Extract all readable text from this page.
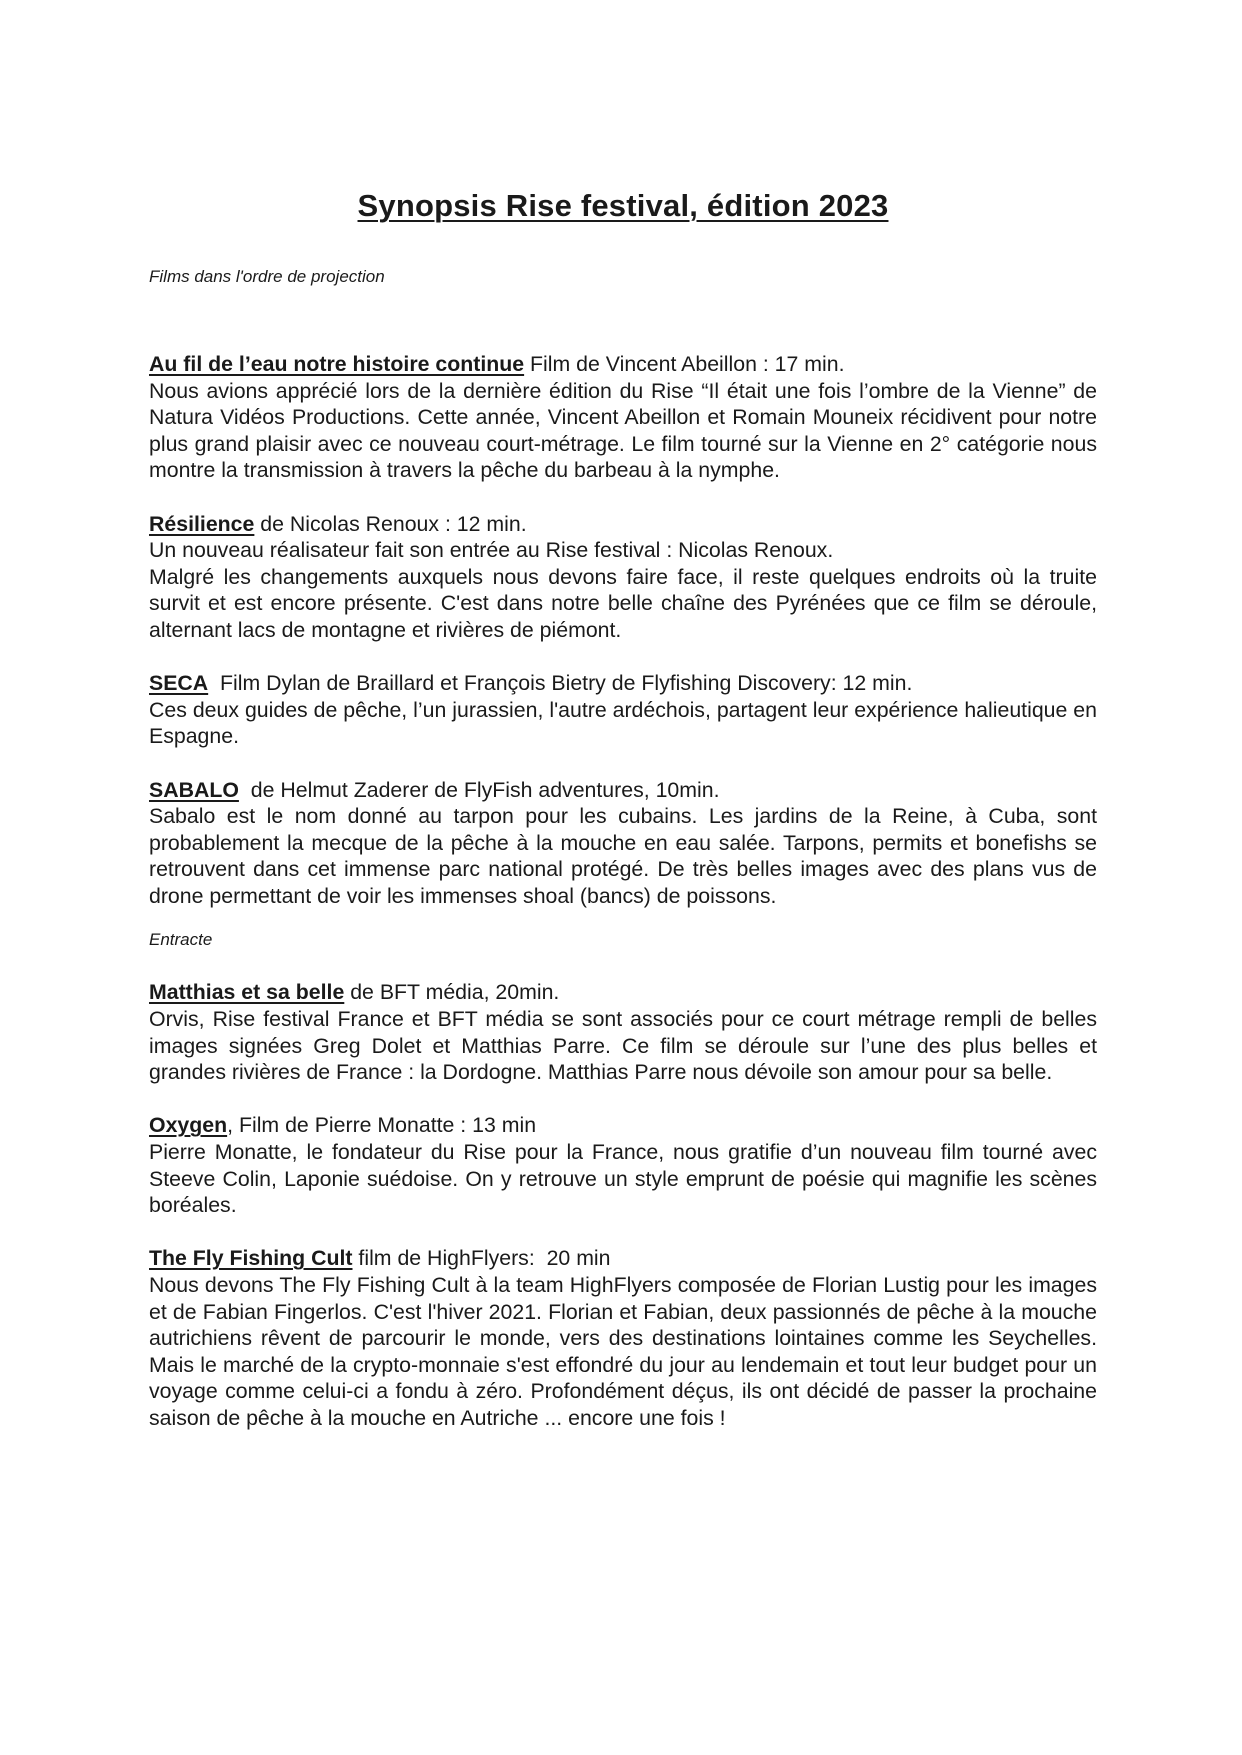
Synopsis Rise festival, édition 2023

Films dans l'ordre de projection

Au fil de l’eau notre histoire continue Film de Vincent Abeillon : 17 min.

Nous avions apprécié lors de la dernière édition du Rise “Il était une fois l’ombre de la Vienne” de Natura Vidéos Productions. Cette année, Vincent Abeillon et Romain Mouneix récidivent pour notre plus grand plaisir avec ce nouveau court-métrage. Le film tourné sur la Vienne en 2° catégorie nous montre la transmission à travers la pêche du barbeau à la nymphe.

Résilience de Nicolas Renoux : 12 min.

Un nouveau réalisateur fait son entrée au Rise festival : Nicolas Renoux.

Malgré les changements auxquels nous devons faire face, il reste quelques endroits où la truite survit et est encore présente. C'est dans notre belle chaîne des Pyrénées que ce film se déroule, alternant lacs de montagne et rivières de piémont.

SECA  Film Dylan de Braillard et François Bietry de Flyfishing Discovery: 12 min.

Ces deux guides de pêche, l’un jurassien, l'autre ardéchois, partagent leur expérience halieutique en Espagne.

SABALO  de Helmut Zaderer de FlyFish adventures, 10min.

Sabalo est le nom donné au tarpon pour les cubains. Les jardins de la Reine, à Cuba, sont probablement la mecque de la pêche à la mouche en eau salée. Tarpons, permits et bonefishs se retrouvent dans cet immense parc national protégé. De très belles images avec des plans vus de drone permettant de voir les immenses shoal (bancs) de poissons.

Entracte

Matthias et sa belle de BFT média, 20min.

Orvis, Rise festival France et BFT média se sont associés pour ce court métrage rempli de belles images signées Greg Dolet et Matthias Parre. Ce film se déroule sur l’une des plus belles et grandes rivières de France : la Dordogne. Matthias Parre nous dévoile son amour pour sa belle.

Oxygen, Film de Pierre Monatte : 13 min

Pierre Monatte, le fondateur du Rise pour la France, nous gratifie d’un nouveau film tourné avec Steeve Colin, Laponie suédoise. On y retrouve un style emprunt de poésie qui magnifie les scènes boréales.

The Fly Fishing Cult film de HighFlyers:  20 min

Nous devons The Fly Fishing Cult à la team HighFlyers composée de Florian Lustig pour les images et de Fabian Fingerlos. C'est l'hiver 2021. Florian et Fabian, deux passionnés de pêche à la mouche autrichiens rêvent de parcourir le monde, vers des destinations lointaines comme les Seychelles. Mais le marché de la crypto-monnaie s'est effondré du jour au lendemain et tout leur budget pour un voyage comme celui-ci a fondu à zéro. Profondément déçus, ils ont décidé de passer la prochaine saison de pêche à la mouche en Autriche ... encore une fois !
